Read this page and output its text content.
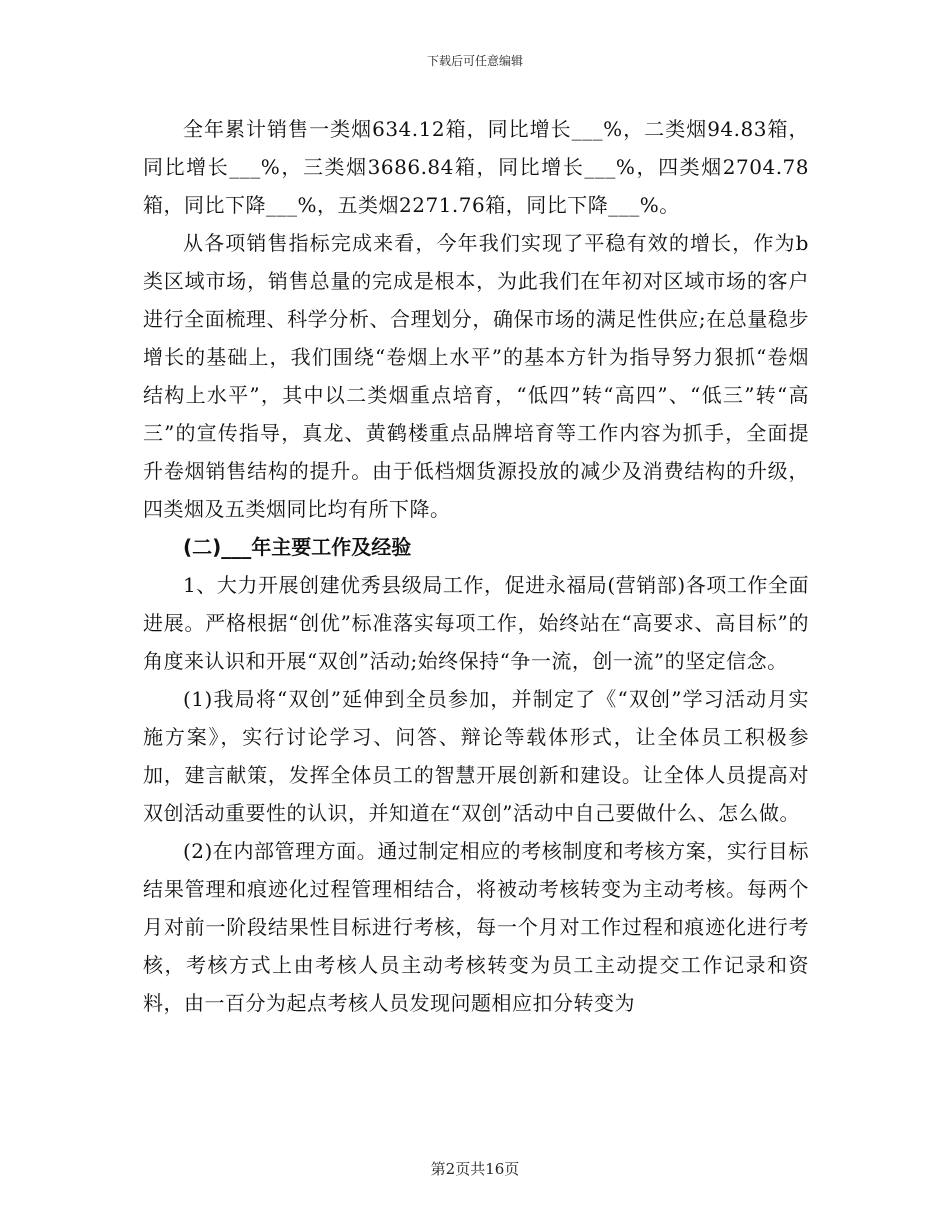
下载后可任意编辑

全年累计销售一类烟634.12箱，同比增长___%，二类烟94.83箱，同比增长___%，三类烟3686.84箱，同比增长___%，四类烟2704.78箱，同比下降___%，五类烟2271.76箱，同比下降___%。

从各项销售指标完成来看，今年我们实现了平稳有效的增长，作为b类区域市场，销售总量的完成是根本，为此我们在年初对区域市场的客户进行全面梳理、科学分析、合理划分，确保市场的满足性供应;在总量稳步增长的基础上，我们围绕“卷烟上水平”的基本方针为指导努力狠抓“卷烟结构上水平”，其中以二类烟重点培育，“低四”转“高四”、“低三”转“高三”的宣传指导，真龙、黄鹤楼重点品牌培育等工作内容为抓手，全面提升卷烟销售结构的提升。由于低档烟货源投放的减少及消费结构的升级，四类烟及五类烟同比均有所下降。

(二)___年主要工作及经验

1、大力开展创建优秀县级局工作，促进永福局(营销部)各项工作全面进展。严格根据“创优”标准落实每项工作，始终站在“高要求、高目标”的角度来认识和开展“双创”活动;始终保持“争一流，创一流”的坚定信念。

(1)我局将“双创”延伸到全员参加，并制定了《“双创”学习活动月实施方案》，实行讨论学习、问答、辩论等载体形式，让全体员工积极参加，建言献策，发挥全体员工的智慧开展创新和建设。让全体人员提高对双创活动重要性的认识，并知道在“双创”活动中自己要做什么、怎么做。

(2)在内部管理方面。通过制定相应的考核制度和考核方案，实行目标结果管理和痕迹化过程管理相结合，将被动考核转变为主动考核。每两个月对前一阶段结果性目标进行考核，每一个月对工作过程和痕迹化进行考核，考核方式上由考核人员主动考核转变为员工主动提交工作记录和资料，由一百分为起点考核人员发现问题相应扣分转变为

第2页共16页
